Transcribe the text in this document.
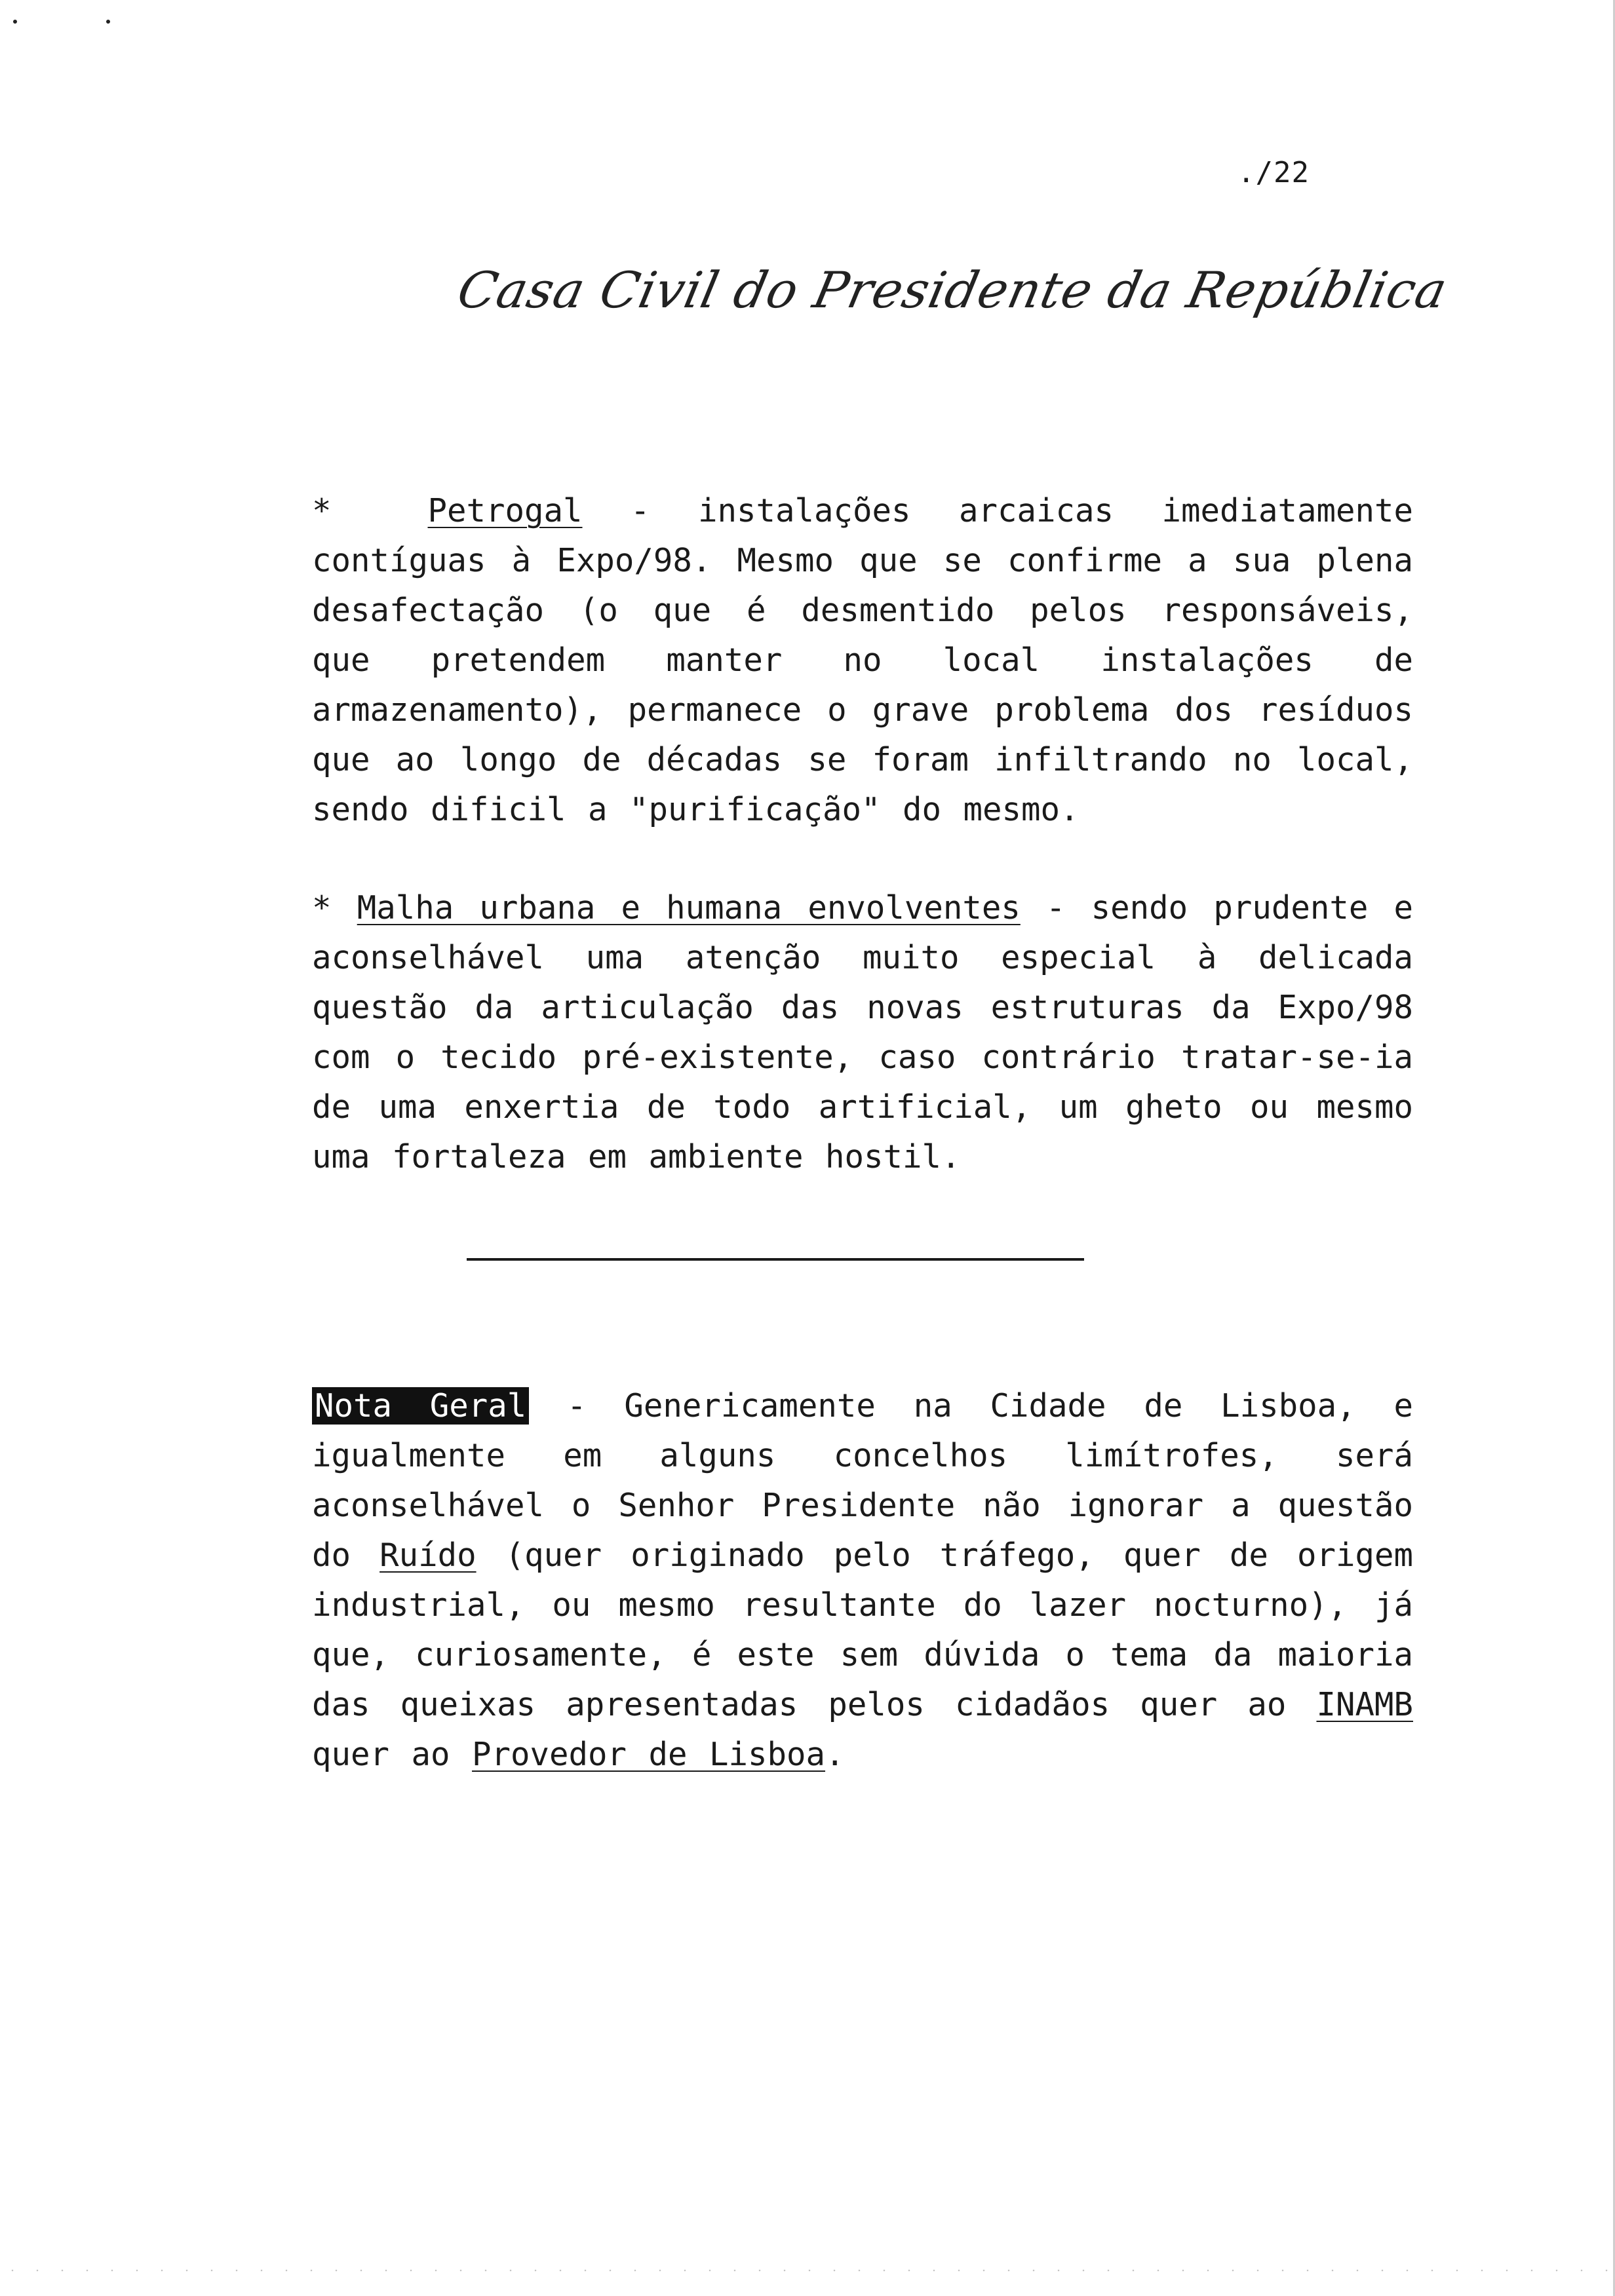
./22
Casa Civil do Presidente da República
*	Petrogal - instalações arcaicas imediatamente contíguas à Expo/98. Mesmo que se confirme a sua plena desafectação (o que é desmentido pelos responsáveis, que pretendem manter no local instalações de armazenamento), permanece o grave problema dos resíduos que ao longo de décadas se foram infiltrando no local, sendo dificil a "purificação" do mesmo.
* Malha urbana e humana envolventes - sendo prudente e aconselhável uma atenção muito especial à delicada questão da articulação das novas estruturas da Expo/98 com o tecido pré-existente, caso contrário tratar-se-ia de uma enxertia de todo artificial, um gheto ou mesmo uma fortaleza em ambiente hostil.
Nota Geral - Genericamente na Cidade de Lisboa, e igualmente em alguns concelhos limítrofes, será aconselhável o Senhor Presidente não ignorar a questão do Ruído (quer originado pelo tráfego, quer de origem industrial, ou mesmo resultante do lazer nocturno), já que, curiosamente, é este sem dúvida o tema da maioria das queixas apresentadas pelos cidadãos quer ao INAMB quer ao Provedor de Lisboa.
